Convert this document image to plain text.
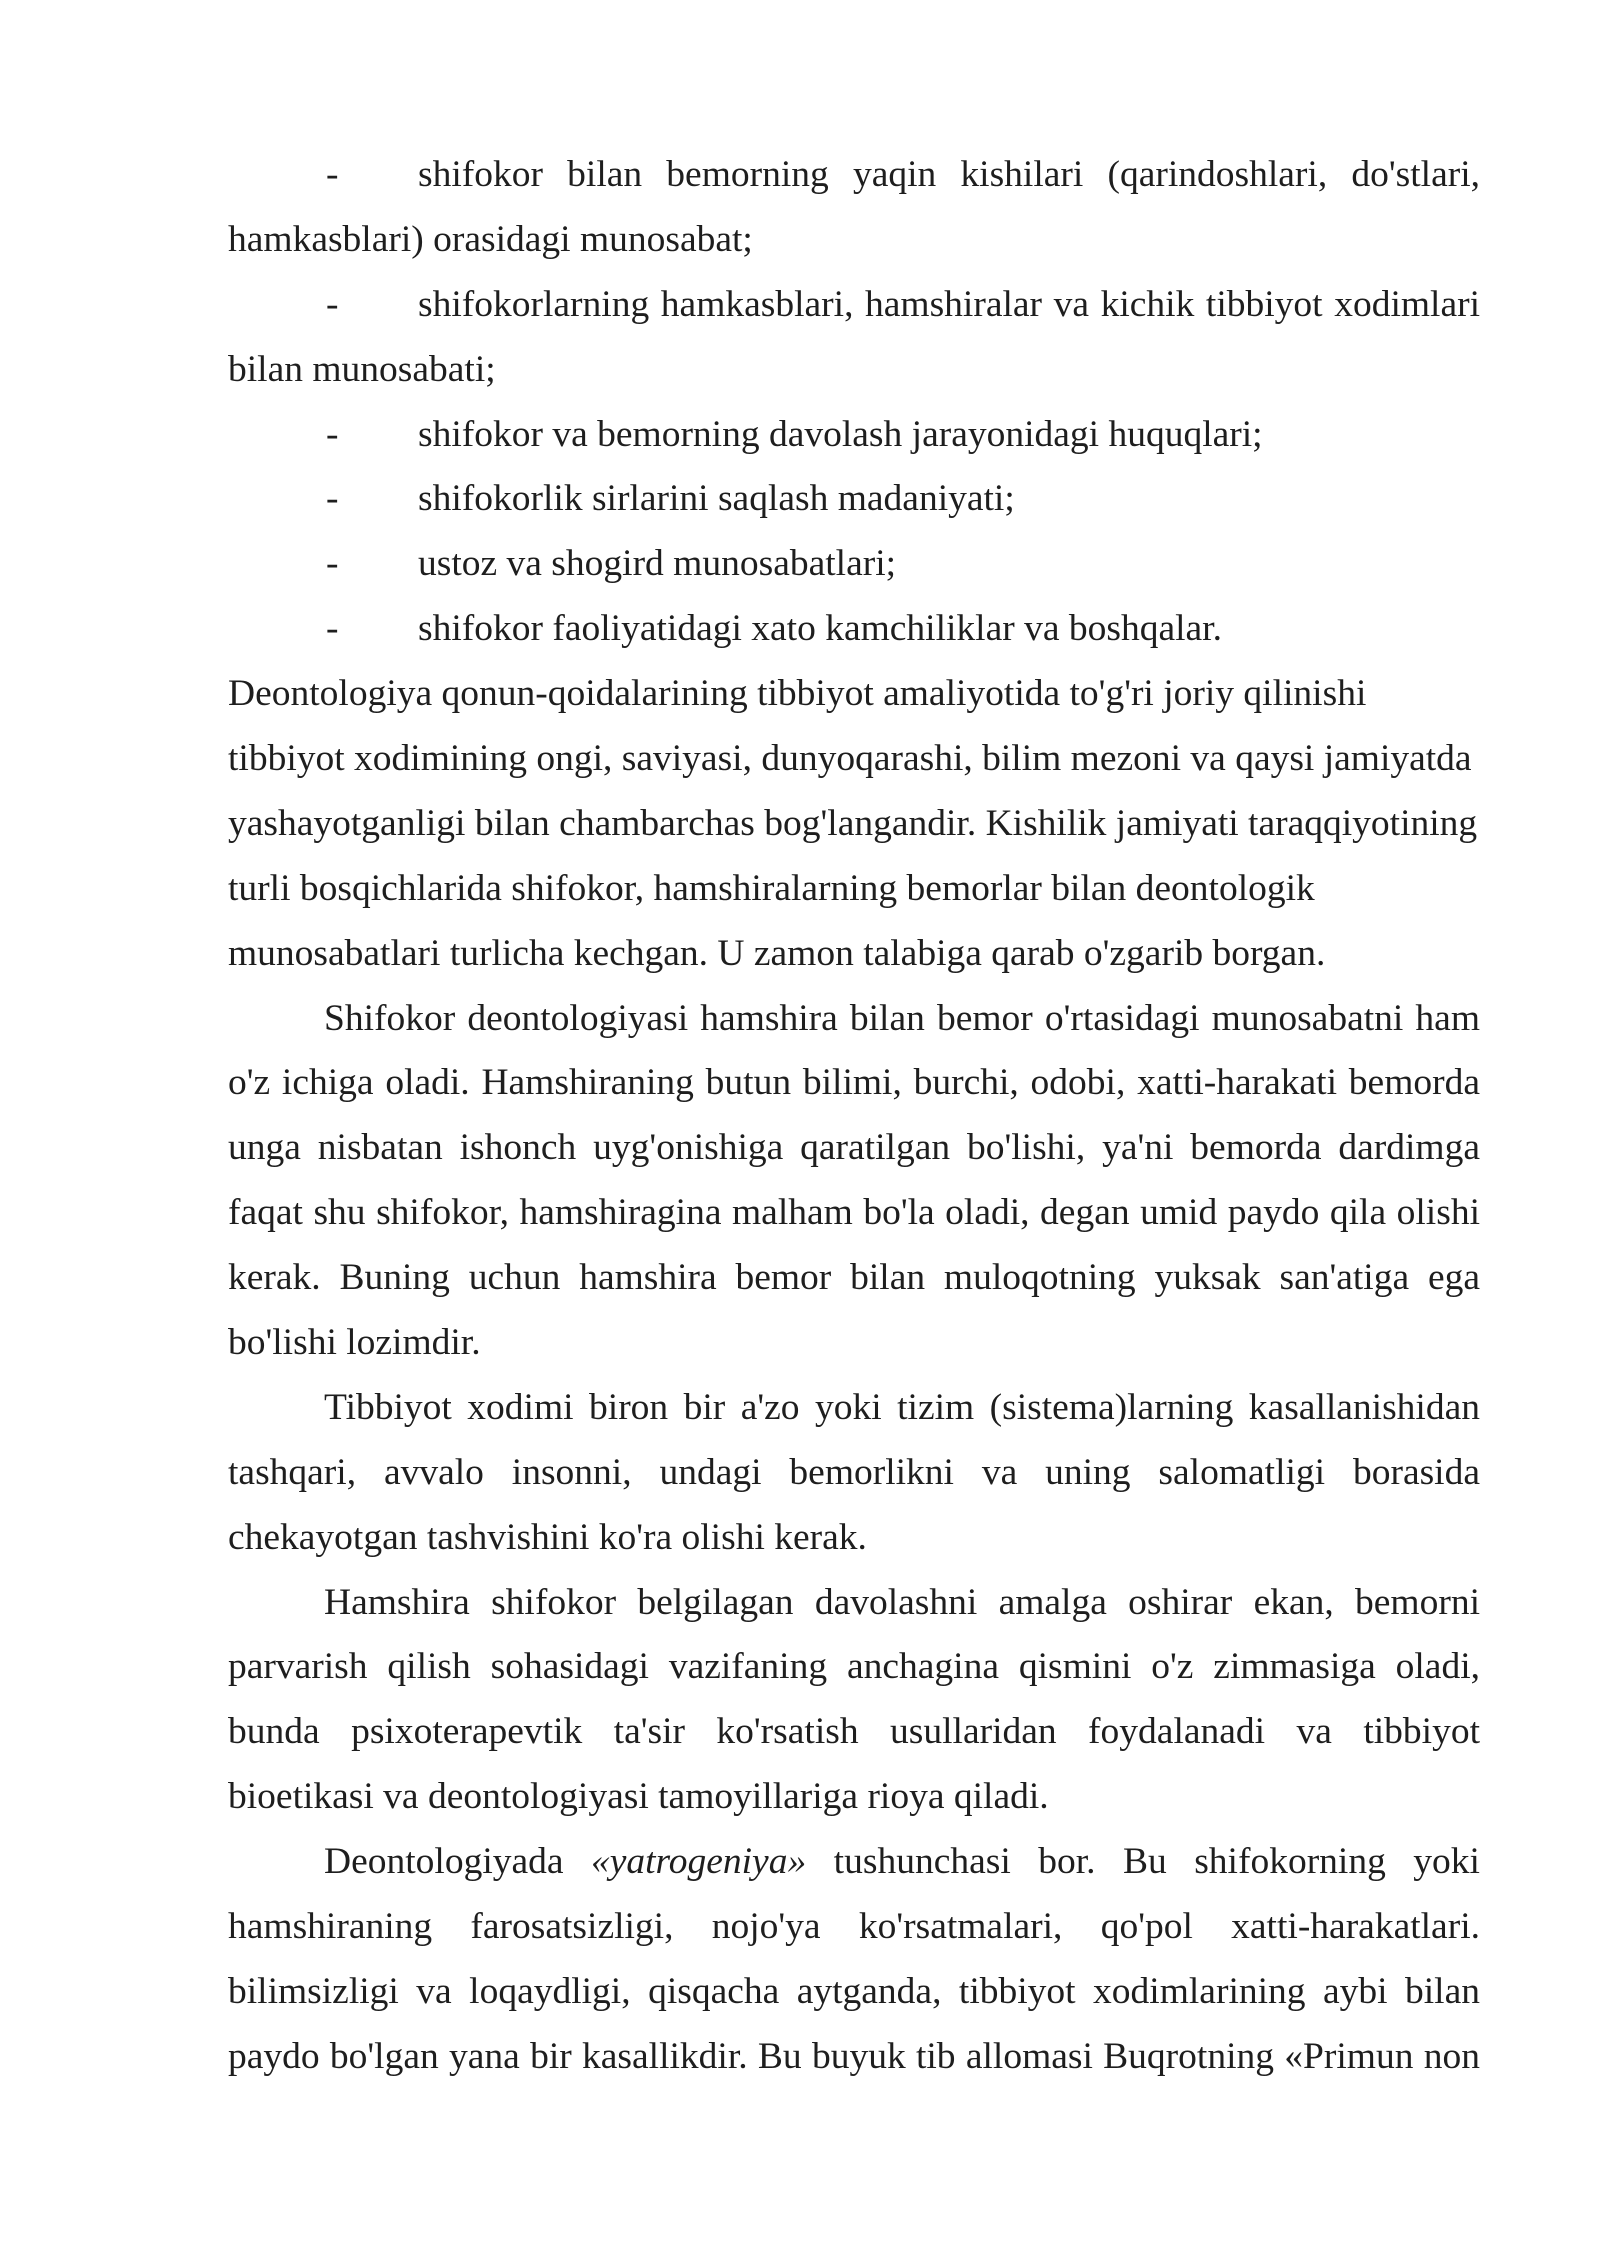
- shifokor bilan bemorning yaqin kishilari (qarindoshlari, do'stlari,
hamkasblari) orasidagi munosabat;
- shifokorlarning hamkasblari, hamshiralar va kichik tibbiyot xodimlari
bilan munosabati;
- shifokor va bemorning davolash jarayonidagi huquqlari;
- shifokorlik sirlarini saqlash madaniyati;
- ustoz va shogird munosabatlari;
- shifokor faoliyatidagi xato kamchiliklar va boshqalar.
Deontologiya qonun-qoidalarining tibbiyot amaliyotida to'g'ri joriy qilinishi
tibbiyot xodimining ongi, saviyasi, dunyoqarashi, bilim mezoni va qaysi jamiyatda
yashayotganligi bilan chambarchas bog'langandir. Kishilik jamiyati taraqqiyotining
turli bosqichlarida shifokor, hamshiralarning bemorlar bilan deontologik
munosabatlari turlicha kechgan. U zamon talabiga qarab o'zgarib borgan.
Shifokor deontologiyasi hamshira bilan bemor o'rtasidagi munosabatni ham
o'z ichiga oladi. Hamshiraning butun bilimi, burchi, odobi, xatti-harakati bemorda
unga nisbatan ishonch uyg'onishiga qaratilgan bo'lishi, ya'ni bemorda dardimga
faqat shu shifokor, hamshiragina malham bo'la oladi, degan umid paydo qila olishi
kerak. Buning uchun hamshira bemor bilan muloqotning yuksak san'atiga ega
bo'lishi lozimdir.
Tibbiyot xodimi biron bir a'zo yoki tizim (sistema)larning kasallanishidan
tashqari, avvalo insonni, undagi bemorlikni va uning salomatligi borasida
chekayotgan tashvishini ko'ra olishi kerak.
Hamshira shifokor belgilagan davolashni amalga oshirar ekan, bemorni
parvarish qilish sohasidagi vazifaning anchagina qismini o'z zimmasiga oladi,
bunda psixoterapevtik ta'sir ko'rsatish usullaridan foydalanadi va tibbiyot
bioetikasi va deontologiyasi tamoyillariga rioya qiladi.
Deontologiyada «yatrogeniya» tushunchasi bor. Bu shifokorning yoki
hamshiraning farosatsizligi, nojo'ya ko'rsatmalari, qo'pol xatti-harakatlari.
bilimsizligi va loqaydligi, qisqacha aytganda, tibbiyot xodimlarining aybi bilan
paydo bo'lgan yana bir kasallikdir. Bu buyuk tib allomasi Buqrotning «Primun non
